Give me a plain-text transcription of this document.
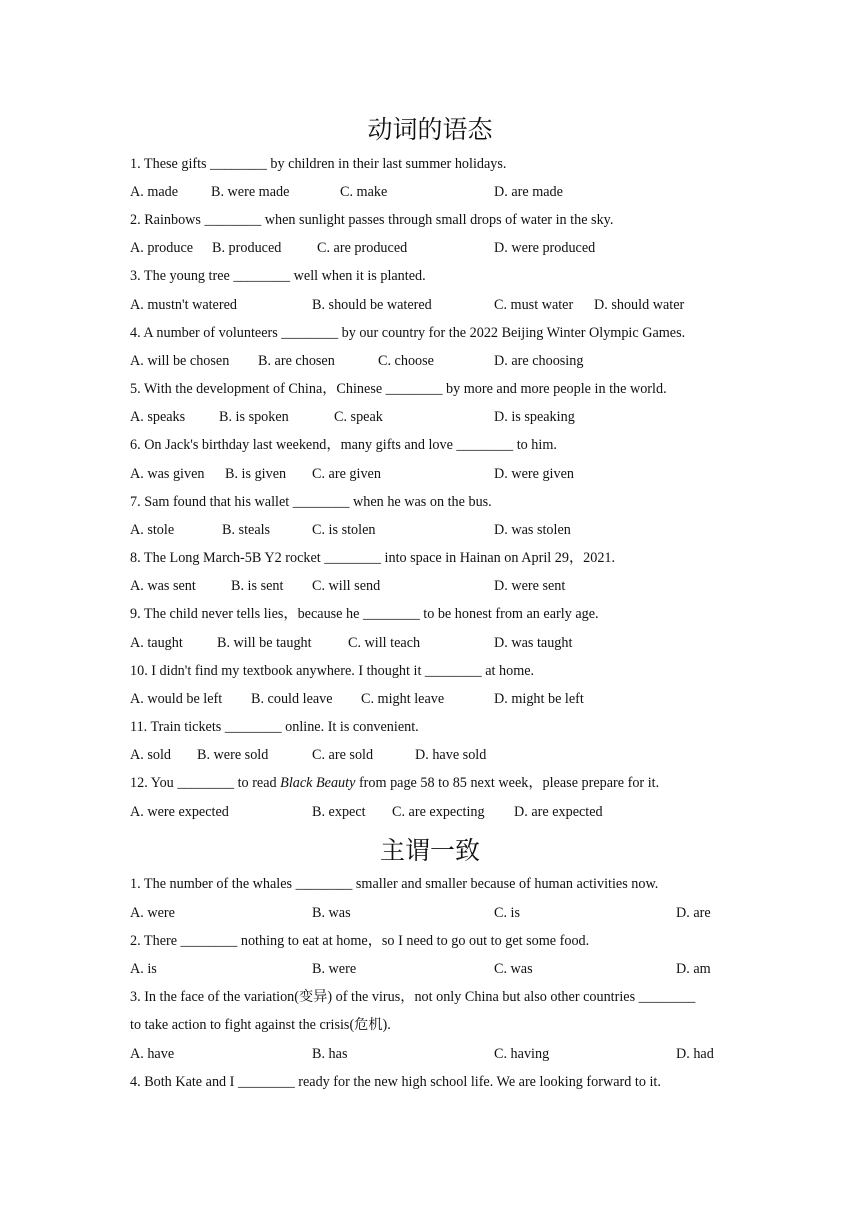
动词的语态
1. These gifts ________ by children in their last summer holidays.
A. made B. were made	C. make	D. are made
2. Rainbows ________ when sunlight passes through small drops of water in the sky.
A. produce B. produced	C. are produced	D. were produced
3. The young tree ________ well when it is planted.
A. mustn't watered	B. should be watered	C. must water D. should water
4. A number of volunteers ________ by our country for the 2022 Beijing Winter Olympic Games.
A. will be chosen B. are chosen	C. choose	D. are choosing
5. With the development of China，Chinese ________ by more and more people in the world.
A. speaks B. is spoken	C. speak	D. is speaking
6. On Jack's birthday last weekend，many gifts and love ________ to him.
A. was given B. is given C. are given	D. were given
7. Sam found that his wallet ________ when he was on the bus.
A. stole	B. steals	C. is stolen	D. was stolen
8. The Long March-5B Y2 rocket ________ into space in Hainan on April 29，2021.
A. was sent B. is sent C. will send	D. were sent
9. The child never tells lies，because he ________ to be honest from an early age.
A. taught B. will be taught	C. will teach	D. was taught
10. I didn't find my textbook anywhere. I thought it ________ at home.
A. would be left B. could leave C. might leave	D. might be left
11. Train tickets ________ online. It is convenient.
A. sold B. were sold	C. are sold	D. have sold
12. You ________ to read Black Beauty from page 58 to 85 next week，please prepare for it.
A. were expected	B. expect C. are expecting D. are expected
主谓一致
1. The number of the whales ________ smaller and smaller because of human activities now.
A. were	B. was	C. is	D. are
2. There ________ nothing to eat at home，so I need to go out to get some food.
A. is	B. were	C. was	D. am
3. In the face of the variation(变异) of the virus，not only China but also other countries ________
to take action to fight against the crisis(危机).
A. have	B. has	C. having	D. had
4. Both Kate and I ________ ready for the new high school life. We are looking forward to it.
